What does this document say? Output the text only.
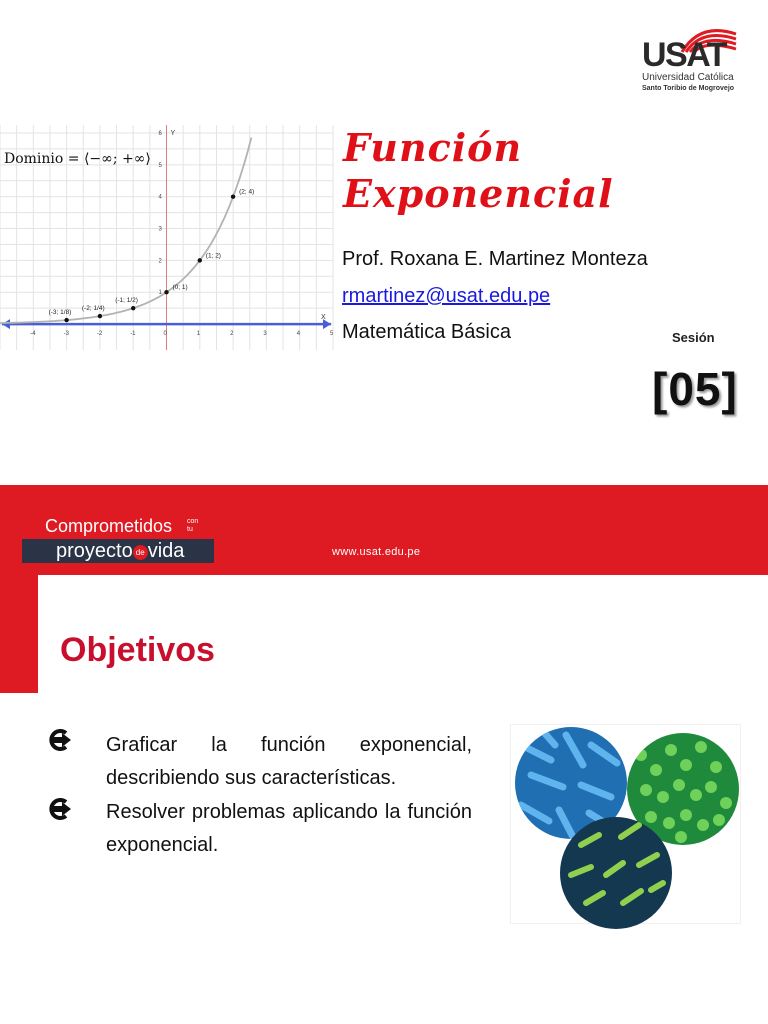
USAT
Universidad Católica
Santo Toribio de Mogrovejo
-4	-3	-2	-1	0	1	2	3	4	5
1
2
3
4
5
6
X
Y
(-3; 1/8)
(-2; 1/4)
(-1; 1/2)
(0; 1)
(1; 2)
(2; 4)
Dominio = ⟨−∞; +∞⟩	Función
Exponencial
Prof. Roxana E. Martinez Monteza
rmartinez@usat.edu.pe
Matemática Básica	Sesión
[05]
Comprometidos con
tu
proyecto de vida	www.usat.edu.pe
Objetivos
Graficar la función exponencial, describiendo sus características.
Resolver problemas aplicando la función exponencial.
